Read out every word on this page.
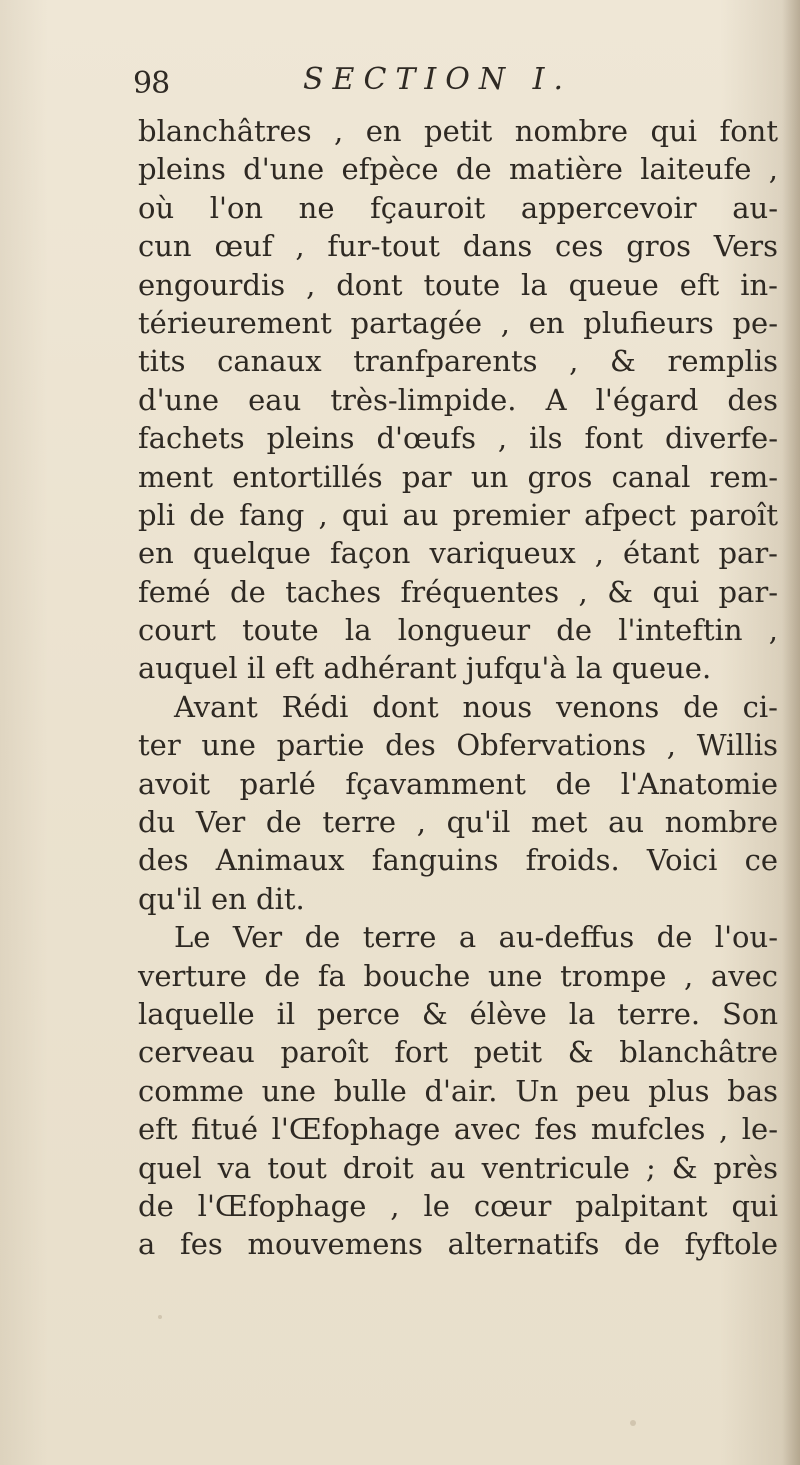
98	SECTION I.
blanchâtres , en petit nombre qui font
pleins d'une efpèce de matière laiteufe ,
où l'on ne fçauroit appercevoir au-
cun œuf , fur-tout dans ces gros Vers
engourdis , dont toute la queue eft in-
térieurement partagée , en plufieurs pe-
tits canaux tranfparents , & remplis
d'une eau très-limpide. A l'égard des
fachets pleins d'œufs , ils font diverfe-
ment entortillés par un gros canal rem-
pli de fang , qui au premier afpect paroît
en quelque façon variqueux , étant par-
femé de taches fréquentes , & qui par-
court toute la longueur de l'inteftin ,
auquel il eft adhérant jufqu'à la queue.
Avant Rédi dont nous venons de ci-
ter une partie des Obfervations , Willis
avoit parlé fçavamment de l'Anatomie
du Ver de terre , qu'il met au nombre
des Animaux fanguins froids. Voici ce
qu'il en dit.
Le Ver de terre a au-deffus de l'ou-
verture de fa bouche une trompe , avec
laquelle il perce & élève la terre. Son
cerveau paroît fort petit & blanchâtre
comme une bulle d'air. Un peu plus bas
eft fitué l'Œfophage avec fes mufcles , le-
quel va tout droit au ventricule ; & près
de l'Œfophage , le cœur palpitant qui
a fes mouvemens alternatifs de fyftole
